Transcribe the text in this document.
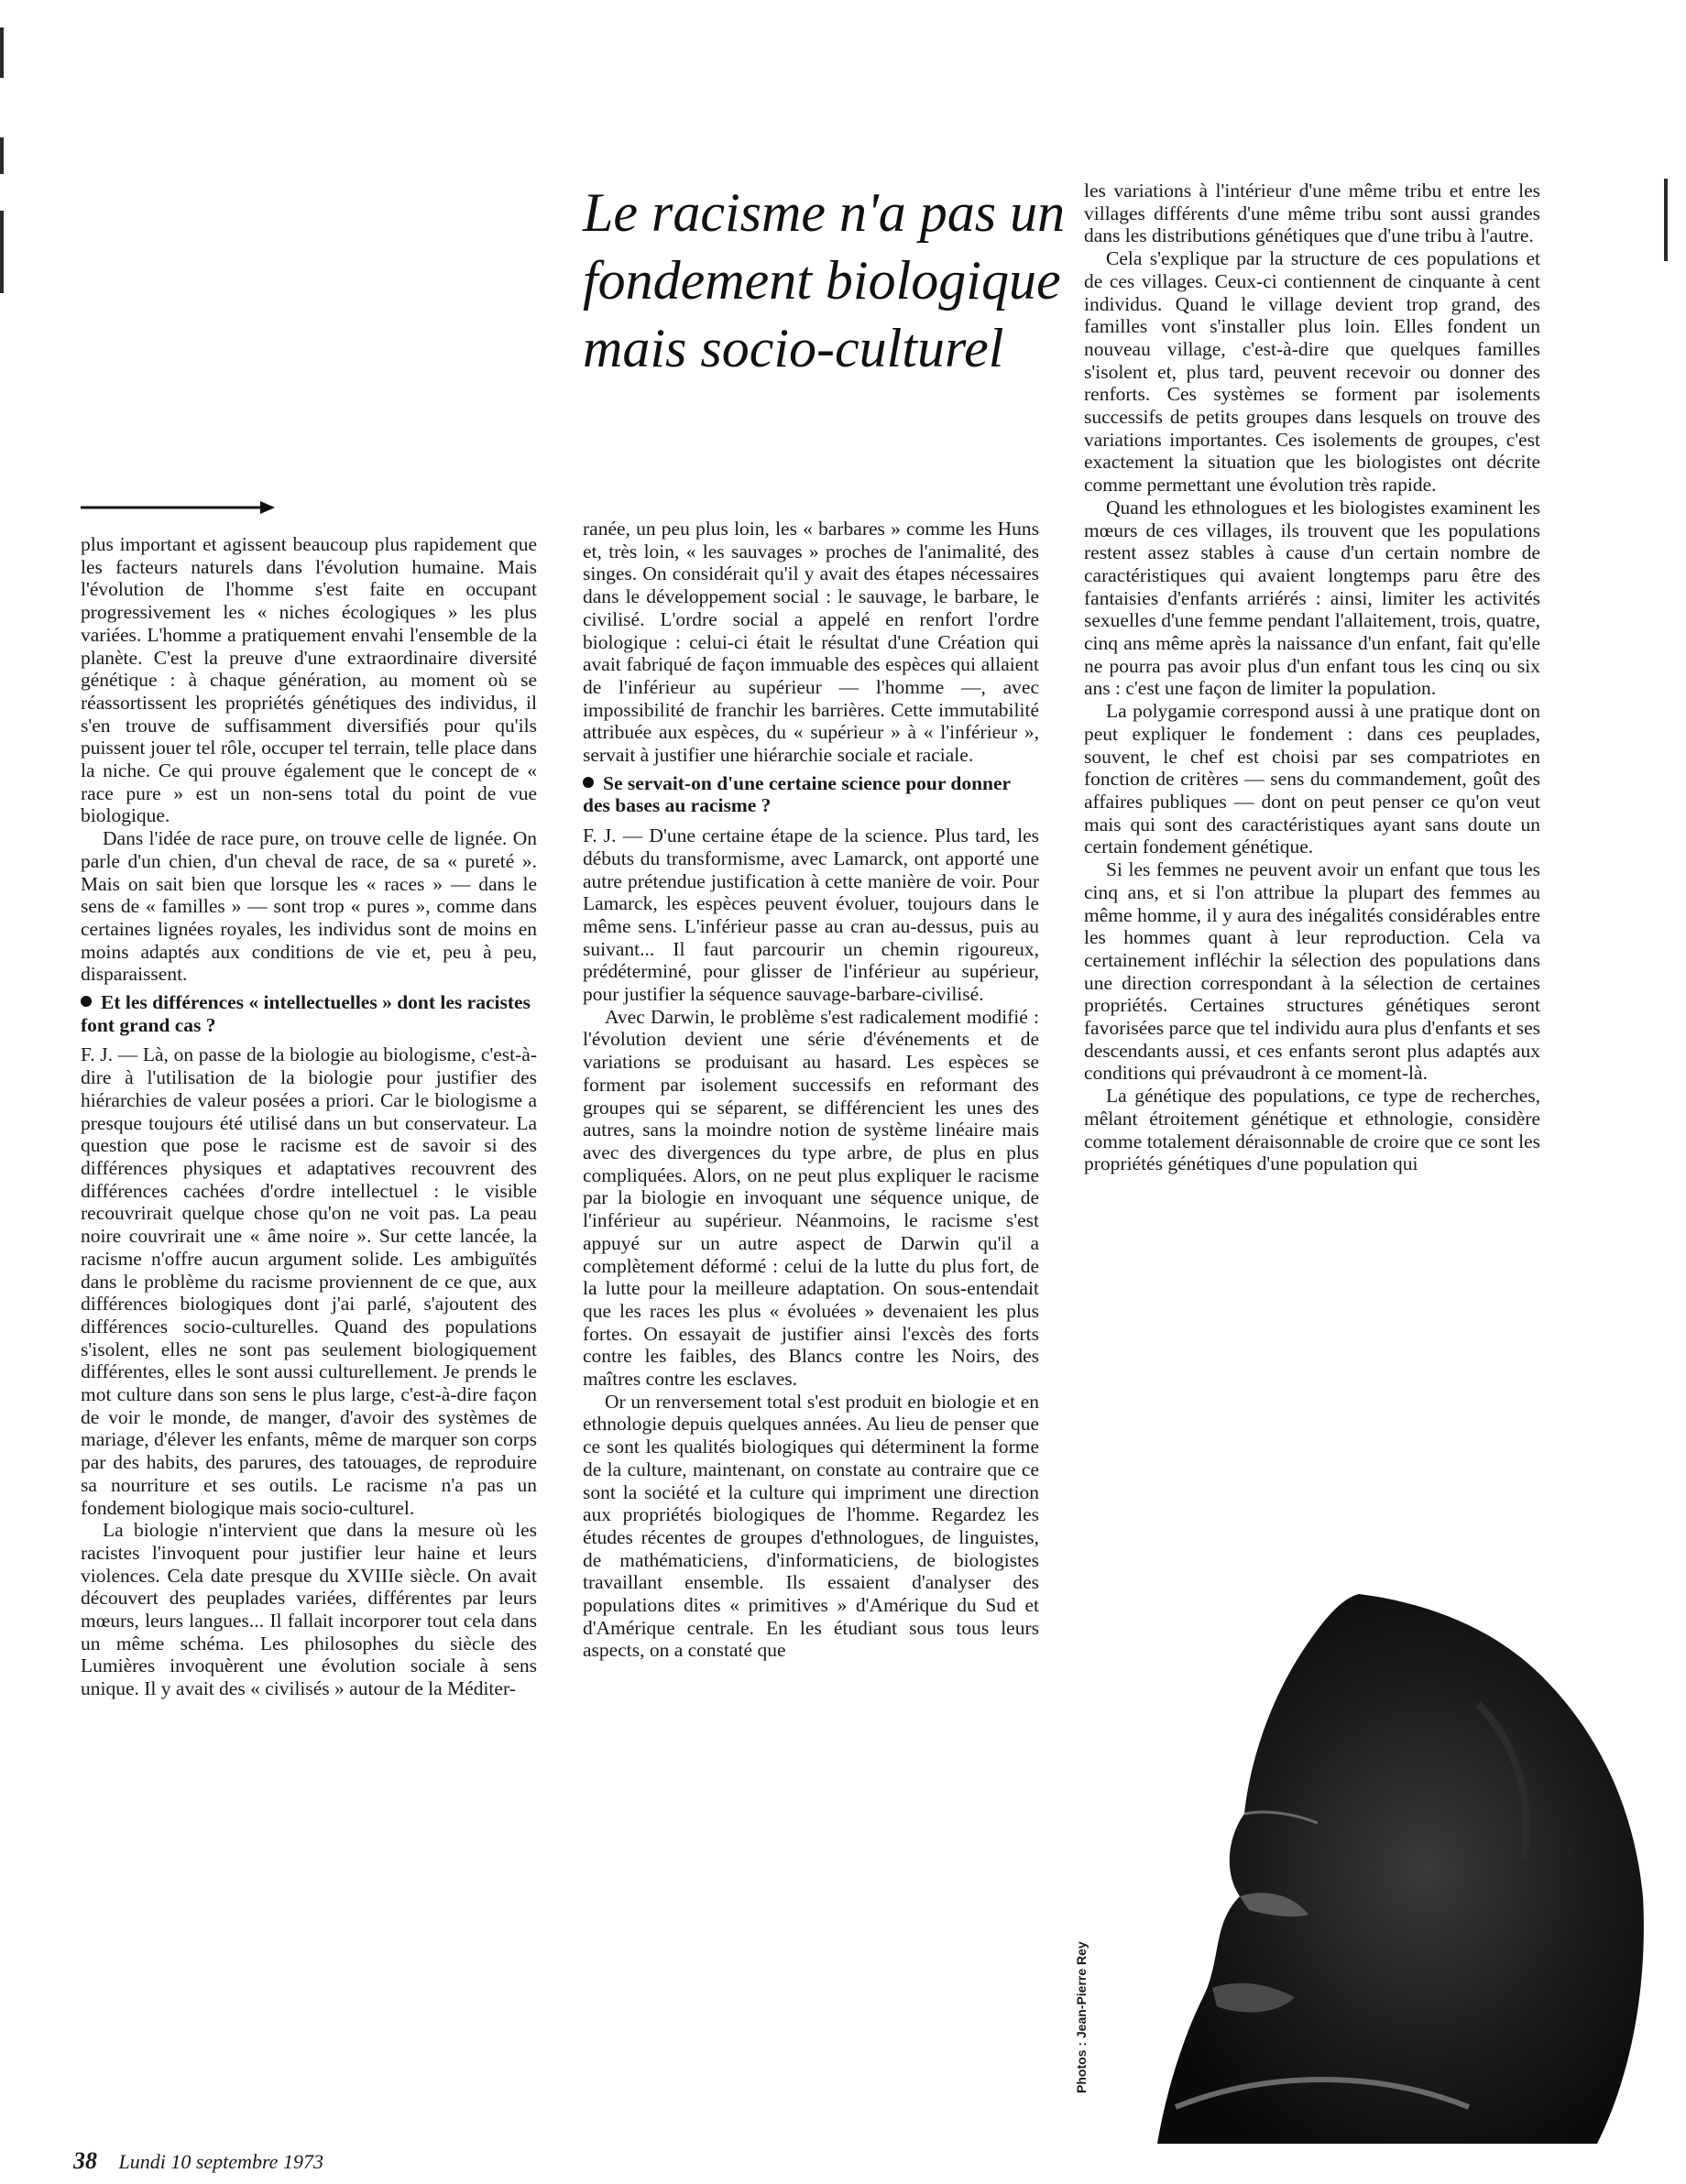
Le racisme n'a pas un fondement biologique mais socio-culturel

plus important et agissent beaucoup plus rapidement que les facteurs naturels dans l'évolution humaine. Mais l'évolution de l'homme s'est faite en occupant progressivement les « niches écologiques » les plus variées. L'homme a pratiquement envahi l'ensemble de la planète. C'est la preuve d'une extraordinaire diversité génétique : à chaque génération, au moment où se réassortissent les propriétés génétiques des individus, il s'en trouve de suffisamment diversifiés pour qu'ils puissent jouer tel rôle, occuper tel terrain, telle place dans la niche. Ce qui prouve également que le concept de « race pure » est un non-sens total du point de vue biologique.

Dans l'idée de race pure, on trouve celle de lignée. On parle d'un chien, d'un cheval de race, de sa « pureté ». Mais on sait bien que lorsque les « races » — dans le sens de « familles » — sont trop « pures », comme dans certaines lignées royales, les individus sont de moins en moins adaptés aux conditions de vie et, peu à peu, disparaissent.

Et les différences « intellectuelles » dont les racistes font grand cas ?

F. J. — Là, on passe de la biologie au biologisme, c'est-à-dire à l'utilisation de la biologie pour justifier des hiérarchies de valeur posées a priori. Car le biologisme a presque toujours été utilisé dans un but conservateur. La question que pose le racisme est de savoir si des différences physiques et adaptatives recouvrent des différences cachées d'ordre intellectuel : le visible recouvrirait quelque chose qu'on ne voit pas. La peau noire couvrirait une « âme noire ». Sur cette lancée, la racisme n'offre aucun argument solide. Les ambiguïtés dans le problème du racisme proviennent de ce que, aux différences biologiques dont j'ai parlé, s'ajoutent des différences socio-culturelles. Quand des populations s'isolent, elles ne sont pas seulement biologiquement différentes, elles le sont aussi culturellement. Je prends le mot culture dans son sens le plus large, c'est-à-dire façon de voir le monde, de manger, d'avoir des systèmes de mariage, d'élever les enfants, même de marquer son corps par des habits, des parures, des tatouages, de reproduire sa nourriture et ses outils. Le racisme n'a pas un fondement biologique mais socio-culturel.

La biologie n'intervient que dans la mesure où les racistes l'invoquent pour justifier leur haine et leurs violences. Cela date presque du XVIIIe siècle. On avait découvert des peuplades variées, différentes par leurs mœurs, leurs langues... Il fallait incorporer tout cela dans un même schéma. Les philosophes du siècle des Lumières invoquèrent une évolution sociale à sens unique. Il y avait des « civilisés » autour de la Méditer-

ranée, un peu plus loin, les « barbares » comme les Huns et, très loin, « les sauvages » proches de l'animalité, des singes. On considérait qu'il y avait des étapes nécessaires dans le développement social : le sauvage, le barbare, le civilisé. L'ordre social a appelé en renfort l'ordre biologique : celui-ci était le résultat d'une Création qui avait fabriqué de façon immuable des espèces qui allaient de l'inférieur au supérieur — l'homme —, avec impossibilité de franchir les barrières. Cette immutabilité attribuée aux espèces, du « supérieur » à « l'inférieur », servait à justifier une hiérarchie sociale et raciale.

Se servait-on d'une certaine science pour donner des bases au racisme ?

F. J. — D'une certaine étape de la science. Plus tard, les débuts du transformisme, avec Lamarck, ont apporté une autre prétendue justification à cette manière de voir. Pour Lamarck, les espèces peuvent évoluer, toujours dans le même sens. L'inférieur passe au cran au-dessus, puis au suivant... Il faut parcourir un chemin rigoureux, prédéterminé, pour glisser de l'inférieur au supérieur, pour justifier la séquence sauvage-barbare-civilisé.

Avec Darwin, le problème s'est radicalement modifié : l'évolution devient une série d'événements et de variations se produisant au hasard. Les espèces se forment par isolement successifs en reformant des groupes qui se séparent, se différencient les unes des autres, sans la moindre notion de système linéaire mais avec des divergences du type arbre, de plus en plus compliquées. Alors, on ne peut plus expliquer le racisme par la biologie en invoquant une séquence unique, de l'inférieur au supérieur. Néanmoins, le racisme s'est appuyé sur un autre aspect de Darwin qu'il a complètement déformé : celui de la lutte du plus fort, de la lutte pour la meilleure adaptation. On sous-entendait que les races les plus « évoluées » devenaient les plus fortes. On essayait de justifier ainsi l'excès des forts contre les faibles, des Blancs contre les Noirs, des maîtres contre les esclaves.

Or un renversement total s'est produit en biologie et en ethnologie depuis quelques années. Au lieu de penser que ce sont les qualités biologiques qui déterminent la forme de la culture, maintenant, on constate au contraire que ce sont la société et la culture qui impriment une direction aux propriétés biologiques de l'homme. Regardez les études récentes de groupes d'ethnologues, de linguistes, de mathématiciens, d'informaticiens, de biologistes travaillant ensemble. Ils essaient d'analyser des populations dites « primitives » d'Amérique du Sud et d'Amérique centrale. En les étudiant sous tous leurs aspects, on a constaté que

les variations à l'intérieur d'une même tribu et entre les villages différents d'une même tribu sont aussi grandes dans les distributions génétiques que d'une tribu à l'autre.

Cela s'explique par la structure de ces populations et de ces villages. Ceux-ci contiennent de cinquante à cent individus. Quand le village devient trop grand, des familles vont s'installer plus loin. Elles fondent un nouveau village, c'est-à-dire que quelques familles s'isolent et, plus tard, peuvent recevoir ou donner des renforts. Ces systèmes se forment par isolements successifs de petits groupes dans lesquels on trouve des variations importantes. Ces isolements de groupes, c'est exactement la situation que les biologistes ont décrite comme permettant une évolution très rapide.

Quand les ethnologues et les biologistes examinent les mœurs de ces villages, ils trouvent que les populations restent assez stables à cause d'un certain nombre de caractéristiques qui avaient longtemps paru être des fantaisies d'enfants arriérés : ainsi, limiter les activités sexuelles d'une femme pendant l'allaitement, trois, quatre, cinq ans même après la naissance d'un enfant, fait qu'elle ne pourra pas avoir plus d'un enfant tous les cinq ou six ans : c'est une façon de limiter la population.

La polygamie correspond aussi à une pratique dont on peut expliquer le fondement : dans ces peuplades, souvent, le chef est choisi par ses compatriotes en fonction de critères — sens du commandement, goût des affaires publiques — dont on peut penser ce qu'on veut mais qui sont des caractéristiques ayant sans doute un certain fondement génétique.

Si les femmes ne peuvent avoir un enfant que tous les cinq ans, et si l'on attribue la plupart des femmes au même homme, il y aura des inégalités considérables entre les hommes quant à leur reproduction. Cela va certainement infléchir la sélection des populations dans une direction correspondant à la sélection de certaines propriétés. Certaines structures génétiques seront favorisées parce que tel individu aura plus d'enfants et ses descendants aussi, et ces enfants seront plus adaptés aux conditions qui prévaudront à ce moment-là.

La génétique des populations, ce type de recherches, mêlant étroitement génétique et ethnologie, considère comme totalement déraisonnable de croire que ce sont les propriétés génétiques d'une population qui

Photos : Jean-Pierre Rey
38 Lundi 10 septembre 1973
